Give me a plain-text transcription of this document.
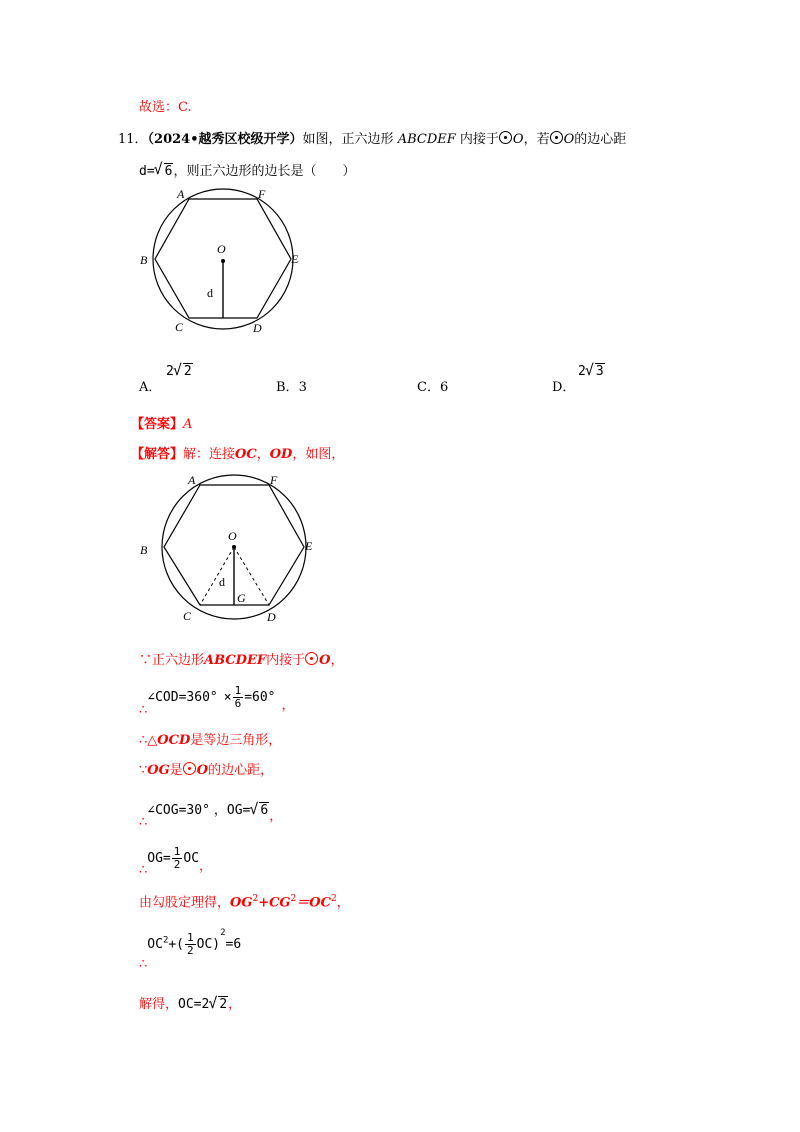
故选：C.
11．（2024•越秀区校级开学）如图，正六边形 ABCDEF 内接于 O，若 O的边心距
d= √ 6，则正六边形的边长是（　　）
A	F
B	E
C	D
O
d
A．
2 √ 2
B．3	C．6	D．
2 √ 3
【答案】A
【解答】解：连接OC，OD，如图，
A	F
B	E
C	D
O
d
G
∵正六边形ABCDEF内接于 O，
∴∠COD=360° × $\frac{1}{6} =60^\circ$，
∴△OCD是等边三角形，
∵OG是 O的边心距，
∴∠COG=30° ，OG= √ 6，
∴OG= $\frac{1}{2}$ OC，
由勾股定理得，$OG^2+CG^2=OC^2$，
$\therefore OC^2+( \frac{1}{2} OC)^2=6$
解得，OC=2 √ 2，
